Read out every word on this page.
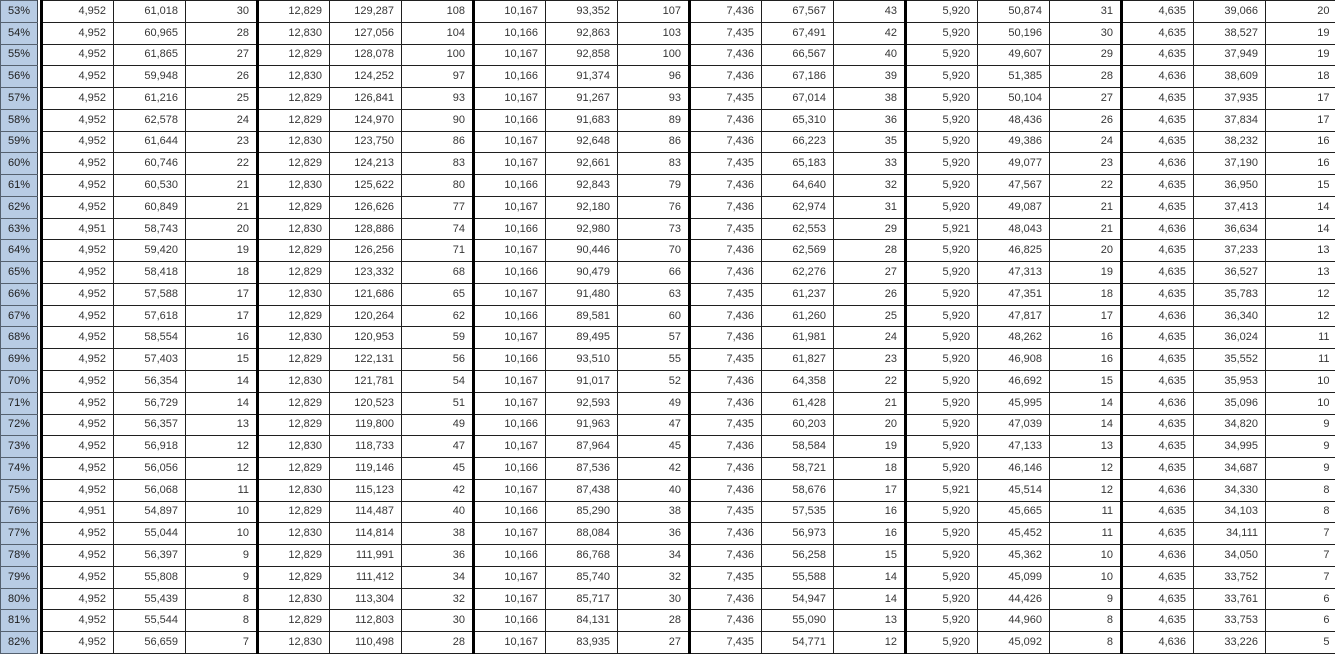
53%		4,952	61,018	30	12,829	129,287	108	10,167	93,352	107	7,436	67,567	43	5,920	50,874	31	4,635	39,066	20
54%		4,952	60,965	28	12,830	127,056	104	10,166	92,863	103	7,435	67,491	42	5,920	50,196	30	4,635	38,527	19
55%		4,952	61,865	27	12,829	128,078	100	10,167	92,858	100	7,436	66,567	40	5,920	49,607	29	4,635	37,949	19
56%		4,952	59,948	26	12,830	124,252	97	10,166	91,374	96	7,436	67,186	39	5,920	51,385	28	4,636	38,609	18
57%		4,952	61,216	25	12,829	126,841	93	10,167	91,267	93	7,435	67,014	38	5,920	50,104	27	4,635	37,935	17
58%		4,952	62,578	24	12,829	124,970	90	10,166	91,683	89	7,436	65,310	36	5,920	48,436	26	4,635	37,834	17
59%		4,952	61,644	23	12,830	123,750	86	10,167	92,648	86	7,436	66,223	35	5,920	49,386	24	4,635	38,232	16
60%		4,952	60,746	22	12,829	124,213	83	10,167	92,661	83	7,435	65,183	33	5,920	49,077	23	4,636	37,190	16
61%		4,952	60,530	21	12,830	125,622	80	10,166	92,843	79	7,436	64,640	32	5,920	47,567	22	4,635	36,950	15
62%		4,952	60,849	21	12,829	126,626	77	10,167	92,180	76	7,436	62,974	31	5,920	49,087	21	4,635	37,413	14
63%		4,951	58,743	20	12,830	128,886	74	10,166	92,980	73	7,435	62,553	29	5,921	48,043	21	4,636	36,634	14
64%		4,952	59,420	19	12,829	126,256	71	10,167	90,446	70	7,436	62,569	28	5,920	46,825	20	4,635	37,233	13
65%		4,952	58,418	18	12,829	123,332	68	10,166	90,479	66	7,436	62,276	27	5,920	47,313	19	4,635	36,527	13
66%		4,952	57,588	17	12,830	121,686	65	10,167	91,480	63	7,435	61,237	26	5,920	47,351	18	4,635	35,783	12
67%		4,952	57,618	17	12,829	120,264	62	10,166	89,581	60	7,436	61,260	25	5,920	47,817	17	4,636	36,340	12
68%		4,952	58,554	16	12,830	120,953	59	10,167	89,495	57	7,436	61,981	24	5,920	48,262	16	4,635	36,024	11
69%		4,952	57,403	15	12,829	122,131	56	10,166	93,510	55	7,435	61,827	23	5,920	46,908	16	4,635	35,552	11
70%		4,952	56,354	14	12,830	121,781	54	10,167	91,017	52	7,436	64,358	22	5,920	46,692	15	4,635	35,953	10
71%		4,952	56,729	14	12,829	120,523	51	10,167	92,593	49	7,436	61,428	21	5,920	45,995	14	4,636	35,096	10
72%		4,952	56,357	13	12,829	119,800	49	10,166	91,963	47	7,435	60,203	20	5,920	47,039	14	4,635	34,820	9
73%		4,952	56,918	12	12,830	118,733	47	10,167	87,964	45	7,436	58,584	19	5,920	47,133	13	4,635	34,995	9
74%		4,952	56,056	12	12,829	119,146	45	10,166	87,536	42	7,436	58,721	18	5,920	46,146	12	4,635	34,687	9
75%		4,952	56,068	11	12,830	115,123	42	10,167	87,438	40	7,436	58,676	17	5,921	45,514	12	4,636	34,330	8
76%		4,951	54,897	10	12,829	114,487	40	10,166	85,290	38	7,435	57,535	16	5,920	45,665	11	4,635	34,103	8
77%		4,952	55,044	10	12,830	114,814	38	10,167	88,084	36	7,436	56,973	16	5,920	45,452	11	4,635	34,111	7
78%		4,952	56,397	9	12,829	111,991	36	10,166	86,768	34	7,436	56,258	15	5,920	45,362	10	4,636	34,050	7
79%		4,952	55,808	9	12,829	111,412	34	10,167	85,740	32	7,435	55,588	14	5,920	45,099	10	4,635	33,752	7
80%		4,952	55,439	8	12,830	113,304	32	10,167	85,717	30	7,436	54,947	14	5,920	44,426	9	4,635	33,761	6
81%		4,952	55,544	8	12,829	112,803	30	10,166	84,131	28	7,436	55,090	13	5,920	44,960	8	4,635	33,753	6
82%		4,952	56,659	7	12,830	110,498	28	10,167	83,935	27	7,435	54,771	12	5,920	45,092	8	4,636	33,226	5
